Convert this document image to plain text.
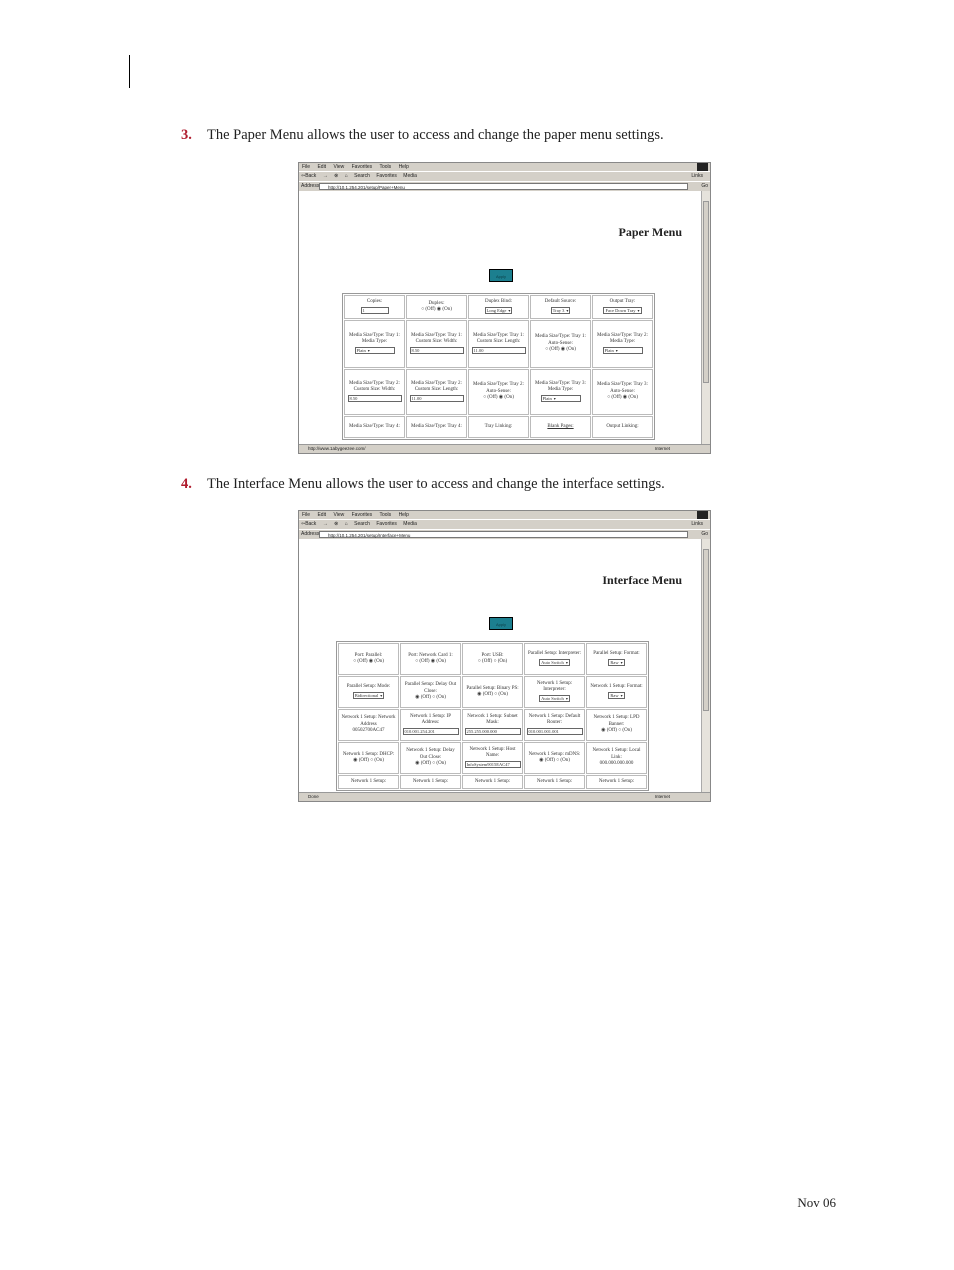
3. The Paper Menu allows the user to access and change the paper menu settings.
File Edit View Favorites Tools Help
⇦Back → ⊗ ⌂ Search Favorites Media	Links
Address	http://10.1.254.201/setup/Paper+Menu	Go
Paper Menu
Apply
Copies:
1	Duplex:
○ (Off) ◉ (On)	Duplex Bind:
Long Edge ▾	Default Source:
Tray 3 ▾	Output Tray:
Face Down Tray ▾

Media Size/Type: Tray 1: Media Type:
Plain ▾	Media Size/Type: Tray 1: Custom Size: Width:
8.50	Media Size/Type: Tray 1: Custom Size: Length:
11.00	Media Size/Type: Tray 1: Auto-Sense:
○ (Off) ◉ (On)	Media Size/Type: Tray 2: Media Type:
Plain ▾

Media Size/Type: Tray 2: Custom Size: Width:
8.50	Media Size/Type: Tray 2: Custom Size: Length:
11.00	Media Size/Type: Tray 2: Auto-Sense:
○ (Off) ◉ (On)	Media Size/Type: Tray 3: Media Type:
Plain ▾	Media Size/Type: Tray 3: Auto-Sense:
○ (Off) ◉ (On)

Media Size/Type: Tray 4:	Media Size/Type: Tray 4:	Tray Linking:	Blank Pages:	Output Linking:
http://www.1abygeezee.com/	Internet
4. The Interface Menu allows the user to access and change the interface settings.
File Edit View Favorites Tools Help
⇦Back → ⊗ ⌂ Search Favorites Media	Links
Address	http://10.1.254.201/setup/Interface+Menu	Go
Interface Menu
Apply
Port: Parallel:
○ (Off) ◉ (On)	Port: Network Card 1:
○ (Off) ◉ (On)	Port: USB:
○ (Off) ○ (On)	Parallel Setup: Interpreter:
Auto Switch ▾	Parallel Setup: Format:
Raw ▾

Parallel Setup: Mode:
Bidirectional ▾	Parallel Setup: Delay Out Close:
◉ (Off) ○ (On)	Parallel Setup: Binary PS:
◉ (Off) ○ (On)	Network 1 Setup: Interpreter:
Auto Switch ▾	Network 1 Setup: Format:
Raw ▾

Network 1 Setup: Network Address
00502700AC47	Network 1 Setup: IP Address:
010.001.254.201	Network 1 Setup: Subnet Mask:
255.255.000.000	Network 1 Setup: Default Router:
010.001.001.001	Network 1 Setup: LPD Banner:
◉ (Off) ○ (On)

Network 1 Setup: DHCP:
◉ (Off) ○ (On)	Network 1 Setup: Delay Out Close:
◉ (Off) ○ (On)	Network 1 Setup: Host Name:
InfoSystem9015EAC47	Network 1 Setup: mDNS:
◉ (Off) ○ (On)	Network 1 Setup: Local Link:
000.000.000.000

Network 1 Setup:	Network 1 Setup:	Network 1 Setup:	Network 1 Setup:	Network 1 Setup:
Done	Internet
Nov 06
